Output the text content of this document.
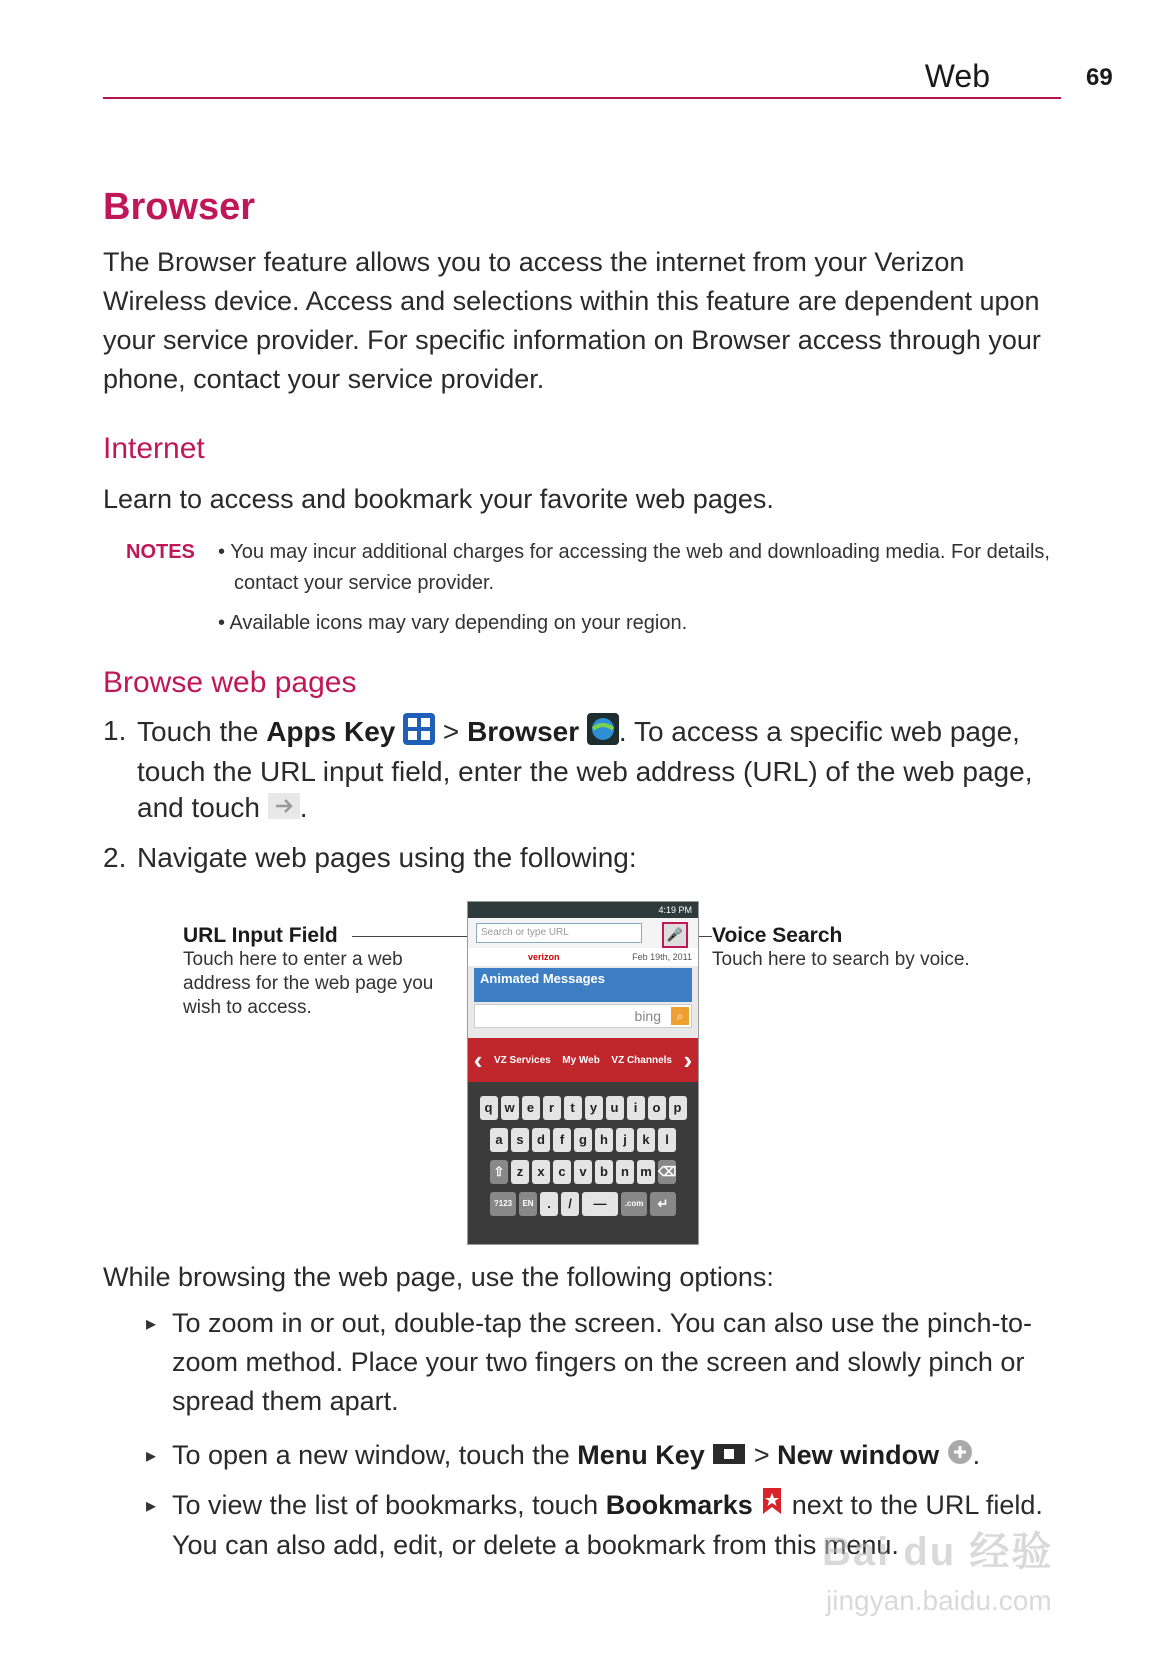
Web	69
Browser
The Browser feature allows you to access the internet from your Verizon Wireless device. Access and selections within this feature are dependent upon your service provider. For specific information on Browser access through your phone, contact your service provider.
Internet
Learn to access and bookmark your favorite web pages.
NOTES • You may incur additional charges for accessing the web and downloading media. For details, contact your service provider.
• Available icons may vary depending on your region.
Browse web pages
1. Touch the Apps Key  > Browser . To access a specific web page, touch the URL input field, enter the web address (URL) of the web page, and touch .
2. Navigate web pages using the following:
URL Input Field
Touch here to enter a web address for the web page you wish to access.
Voice Search
Touch here to search by voice.
4:19 PM
Search or type URL	🎤
verizon	Feb 19th, 2011
Animated Messages
bing	⌕
‹ VZ Services My Web VZ Channels ›
q w e	r	t	y	u	i	o	p
a	s	d	f	g	h	j	k	l
⇧ z	x	c	v	b	n m ⌫
?123	EN	.	/	—	.com	↵
While browsing the web page, use the following options:
▸ To zoom in or out, double-tap the screen. You can also use the pinch-to-zoom method. Place your two fingers on the screen and slowly pinch or spread them apart.
▸ To open a new window, touch the Menu Key  > New window .
▸ To view the list of bookmarks, touch Bookmarks  next to the URL field. You can also add, edit, or delete a bookmark from this menu.
Bai du 经验
jingyan.baidu.com
